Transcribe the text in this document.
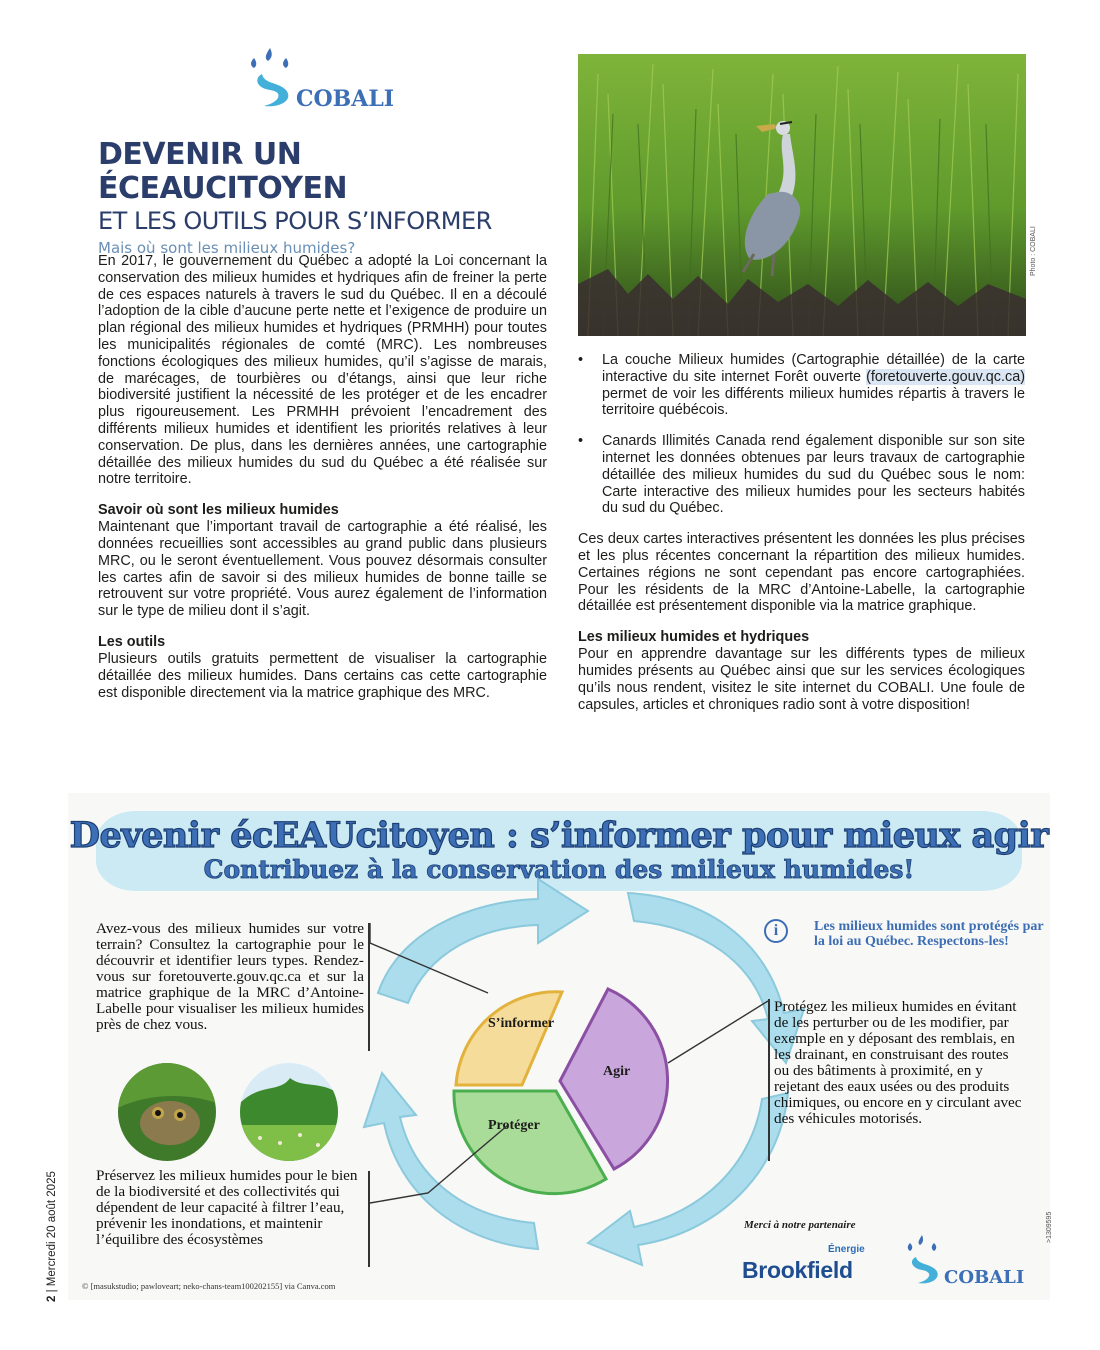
COBALI
DEVENIR UN ÉCEAUCITOYEN
ET LES OUTILS POUR S’INFORMER
Mais où sont les milieux humides?

En 2017, le gouvernement du Québec a adopté la Loi concernant la conservation des milieux humides et hydriques afin de freiner la perte de ces espaces naturels à travers le sud du Québec. Il en a découlé l’adoption de la cible d’aucune perte nette et l’exigence de produire un plan régional des milieux humides et hydriques (PRMHH) pour toutes les municipalités régionales de comté (MRC). Les nombreuses fonctions écologiques des milieux humides, qu’il s’agisse de marais, de marécages, de tourbières ou d’étangs, ainsi que leur riche biodiversité justifient la nécessité de les protéger et de les encadrer plus rigoureusement. Les PRMHH prévoient l’encadrement des différents milieux humides et identifient les priorités relatives à leur conservation. De plus, dans les dernières années, une cartographie détaillée des milieux humides du sud du Québec a été réalisée sur notre territoire.

Savoir où sont les milieux humides

Maintenant que l’important travail de cartographie a été réalisé, les données recueillies sont accessibles au grand public dans plusieurs MRC, ou le seront éventuellement. Vous pouvez désormais consulter les cartes afin de savoir si des milieux humides de bonne taille se retrouvent sur votre propriété. Vous aurez également de l’information sur le type de milieu dont il s’agit.

Les outils

Plusieurs outils gratuits permettent de visualiser la cartographie détaillée des milieux humides. Dans certains cas cette cartographie est disponible directement via la matrice graphique des MRC.

Photo : COBALI
• La couche Milieux humides (Cartographie détaillée) de la carte interactive du site internet Forêt ouverte (foretouverte.gouv.qc.ca) permet de voir les différents milieux humides répartis à travers le territoire québécois.
• Canards Illimités Canada rend également disponible sur son site internet les données obtenues par leurs travaux de cartographie détaillée des milieux humides du sud du Québec sous le nom: Carte interactive des milieux humides pour les secteurs habités du sud du Québec.

Ces deux cartes interactives présentent les données les plus précises et les plus récentes concernant la répartition des milieux humides. Certaines régions ne sont cependant pas encore cartographiées. Pour les résidents de la MRC d’Antoine-Labelle, la cartographie détaillée est présentement disponible via la matrice graphique.

Les milieux humides et hydriques

Pour en apprendre davantage sur les différents types de milieux humides présents au Québec ainsi que sur les services écologiques qu’ils nous rendent, visitez le site internet du COBALI. Une foule de capsules, articles et chroniques radio sont à votre disposition!

Devenir écEAUcitoyen : s’informer pour mieux agir
Contribuez à la conservation des milieux humides!
S’informer
Agir
Protéger
Avez-vous des milieux humides sur votre terrain? Consultez la cartographie pour le découvrir et identifier leurs types. Rendez-vous sur foretouverte.gouv.qc.ca et sur la matrice graphique de la MRC d’Antoine-Labelle pour visualiser les milieux humides près de chez vous.
i	Les milieux humides sont protégés par la loi au Québec. Respectons-les!
Protégez les milieux humides en évitant de les perturber ou de les modifier, par exemple en y déposant des remblais, en les drainant, en construisant des routes ou des bâtiments à proximité, en y rejetant des eaux usées ou des produits chimiques, ou encore en y circulant avec des véhicules motorisés.
Préservez les milieux humides pour le bien de la biodiversité et des collectivités qui dépendent de leur capacité à filtrer l’eau, prévenir les inondations, et maintenir l’équilibre des écosystèmes
© [masukstudio; pawloveart; neko-chans-team100202155] via Canva.com
Merci à notre partenaire
Énergie
Brookfield	COBALI
2 | Mercredi 20 août 2025	>1309595
